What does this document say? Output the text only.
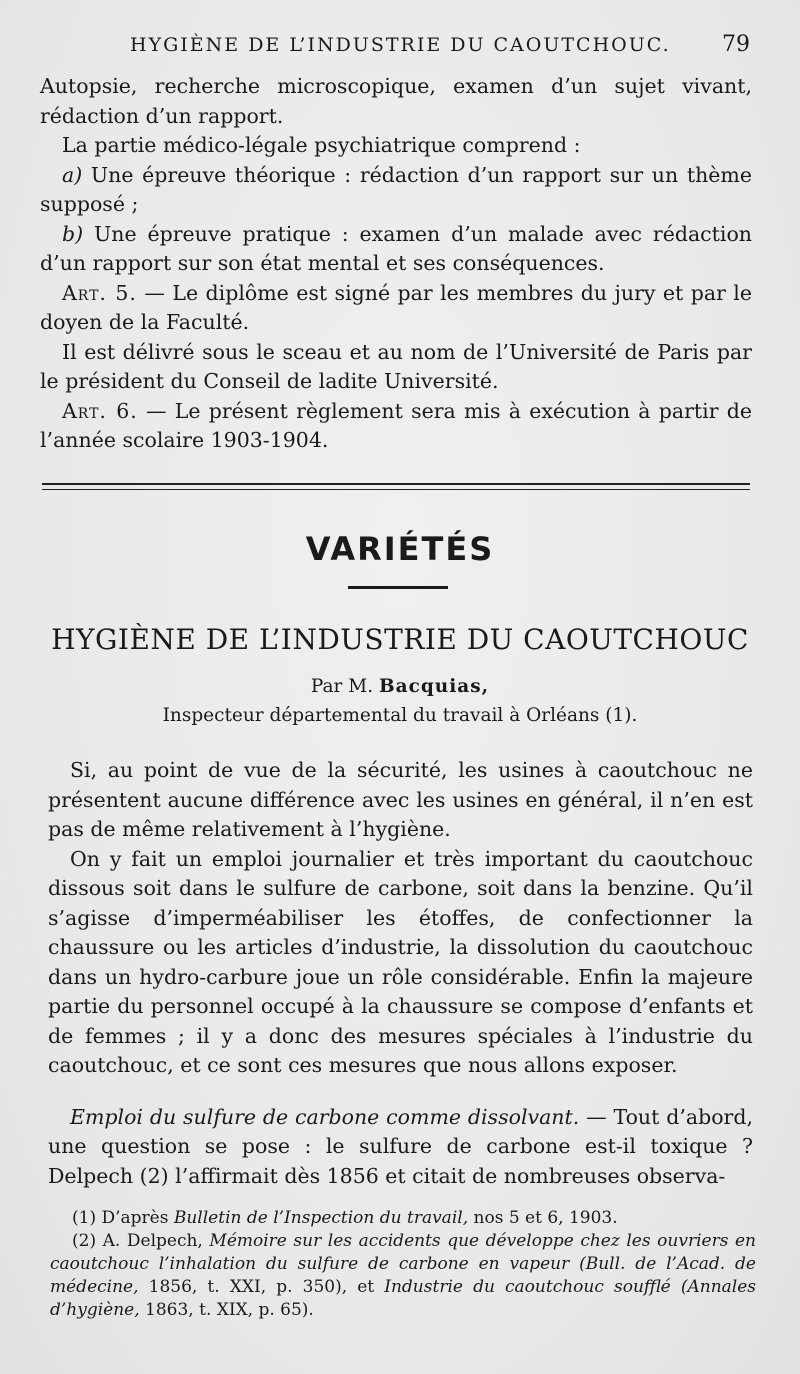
HYGIÈNE DE L’INDUSTRIE DU CAOUTCHOUC. 79

Autopsie, recherche microscopique, examen d’un sujet vivant, rédaction d’un rapport.

La partie médico-légale psychiatrique comprend :

a) Une épreuve théorique : rédaction d’un rapport sur un thème supposé ;

b) Une épreuve pratique : examen d’un malade avec rédaction d’un rapport sur son état mental et ses conséquences.

Art. 5. — Le diplôme est signé par les membres du jury et par le doyen de la Faculté.

Il est délivré sous le sceau et au nom de l’Université de Paris par le président du Conseil de ladite Université.

Art. 6. — Le présent règlement sera mis à exécution à partir de l’année scolaire 1903-1904.

VARIÉTÉS
HYGIÈNE DE L’INDUSTRIE DU CAOUTCHOUC
Par M. Bacquias,
Inspecteur départemental du travail à Orléans (1).

Si, au point de vue de la sécurité, les usines à caoutchouc ne présentent aucune différence avec les usines en général, il n’en est pas de même relativement à l’hygiène.

On y fait un emploi journalier et très important du caoutchouc dissous soit dans le sulfure de carbone, soit dans la benzine. Qu’il s’agisse d’imperméabiliser les étoffes, de confectionner la chaussure ou les articles d’industrie, la dissolution du caoutchouc dans un hydro-carbure joue un rôle considérable. Enfin la majeure partie du personnel occupé à la chaussure se compose d’enfants et de femmes ; il y a donc des mesures spéciales à l’industrie du caoutchouc, et ce sont ces mesures que nous allons exposer.

Emploi du sulfure de carbone comme dissolvant. — Tout d’abord, une question se pose : le sulfure de carbone est-il toxique ? Delpech (2) l’affirmait dès 1856 et citait de nombreuses observa-

(1) D’après Bulletin de l’Inspection du travail, nos 5 et 6, 1903.

(2) A. Delpech, Mémoire sur les accidents que développe chez les ouvriers en caoutchouc l’inhalation du sulfure de carbone en vapeur (Bull. de l’Acad. de médecine, 1856, t. XXI, p. 350), et Industrie du caoutchouc soufflé (Annales d’hygiène, 1863, t. XIX, p. 65).
